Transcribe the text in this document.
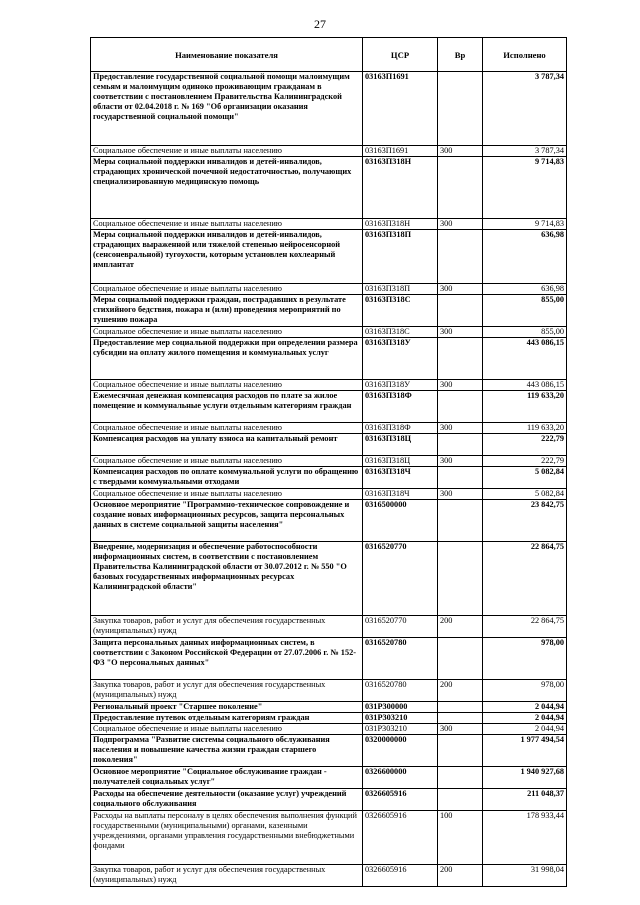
27
Наименование показателя	ЦСР	Вр	Исполнено
Предоставление государственной социальной помощи малоимущим семьям и малоимущим одиноко проживающим гражданам в соответствии с постановлением Правительства Калининградской области от 02.04.2018 г. № 169 "Об организации оказания государственной социальной помощи"	03163П1691		3 787,34
Социальное обеспечение и иные выплаты населению	03163П1691	300	3 787,34
Меры социальной поддержки инвалидов и детей-инвалидов, страдающих хронической почечной недостаточностью, получающих специализированную медицинскую помощь	03163П318Н		9 714,83
Социальное обеспечение и иные выплаты населению	03163П318Н	300	9 714,83
Меры социальной поддержки инвалидов и детей-инвалидов, страдающих выраженной или тяжелой степенью нейросенсорной (сенсоневральной) тугоухости, которым установлен кохлеарный имплантат	03163П318П		636,98
Социальное обеспечение и иные выплаты населению	03163П318П	300	636,98
Меры социальной поддержки граждан, пострадавших в результате стихийного бедствия, пожара и (или) проведения мероприятий по тушению пожара	03163П318С		855,00
Социальное обеспечение и иные выплаты населению	03163П318С	300	855,00
Предоставление мер социальной поддержки при определении размера субсидии на оплату жилого помещения и коммунальных услуг	03163П318У		443 086,15
Социальное обеспечение и иные выплаты населению	03163П318У	300	443 086,15
Ежемесячная денежная компенсация расходов по плате за жилое помещение и коммунальные услуги отдельным категориям граждан	03163П318Ф		119 633,20
Социальное обеспечение и иные выплаты населению	03163П318Ф	300	119 633,20
Компенсация расходов на уплату взноса на капитальный ремонт	03163П318Ц		222,79
Социальное обеспечение и иные выплаты населению	03163П318Ц	300	222,79
Компенсация расходов по оплате коммунальной услуги по обращению с твердыми коммунальными отходами	03163П318Ч		5 082,84
Социальное обеспечение и иные выплаты населению	03163П318Ч	300	5 082,84
Основное мероприятие "Программно-техническое сопровождение и создание новых информационных ресурсов, защита персональных данных в системе социальной защиты населения"	0316500000		23 842,75
Внедрение, модернизация и обеспечение работоспособности информационных систем, в соответствии с постановлением Правительства Калининградской области от 30.07.2012 г. № 550 "О базовых государственных информационных ресурсах Калининградской области"	0316520770		22 864,75
Закупка товаров, работ и услуг для обеспечения государственных (муниципальных) нужд	0316520770	200	22 864,75
Защита персональных данных информационных систем, в соответствии с Законом Российской Федерации от 27.07.2006 г. № 152-ФЗ "О персональных данных"	0316520780		978,00
Закупка товаров, работ и услуг для обеспечения государственных (муниципальных) нужд	0316520780	200	978,00
Региональный проект "Старшее поколение"	031P300000		2 044,94
Предоставление путевок отдельным категориям граждан	031P303210		2 044,94
Социальное обеспечение и иные выплаты населению	031P303210	300	2 044,94
Подпрограмма "Развитие системы социального обслуживания населения и повышение качества жизни граждан старшего поколения"	0320000000		1 977 494,54
Основное мероприятие "Социальное обслуживание граждан - получателей социальных услуг"	0326600000		1 940 927,68
Расходы на обеспечение деятельности (оказание услуг) учреждений социального обслуживания	0326605916		211 048,37
Расходы на выплаты персоналу в целях обеспечения выполнения функций государственными (муниципальными) органами, казенными учреждениями, органами управления государственными внебюджетными фондами	0326605916	100	178 933,44
Закупка товаров, работ и услуг для обеспечения государственных (муниципальных) нужд	0326605916	200	31 998,04
